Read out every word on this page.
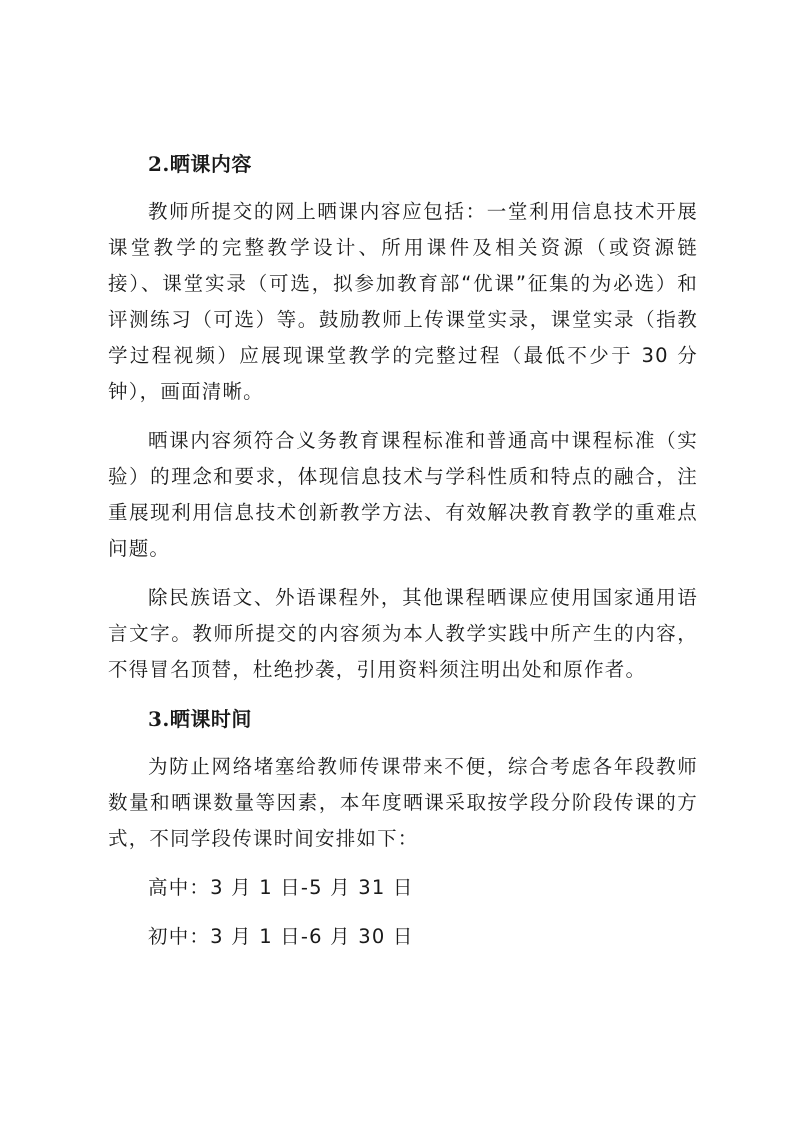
2.晒课内容

教师所提交的网上晒课内容应包括：一堂利用信息技术开展课堂教学的完整教学设计、所用课件及相关资源（或资源链接）、课堂实录（可选，拟参加教育部“优课”征集的为必选）和评测练习（可选）等。鼓励教师上传课堂实录，课堂实录（指教学过程视频）应展现课堂教学的完整过程（最低不少于 30 分钟），画面清晰。

晒课内容须符合义务教育课程标准和普通高中课程标准（实验）的理念和要求，体现信息技术与学科性质和特点的融合，注重展现利用信息技术创新教学方法、有效解决教育教学的重难点问题。

除民族语文、外语课程外，其他课程晒课应使用国家通用语言文字。教师所提交的内容须为本人教学实践中所产生的内容，不得冒名顶替，杜绝抄袭，引用资料须注明出处和原作者。

3.晒课时间

为防止网络堵塞给教师传课带来不便，综合考虑各年段教师数量和晒课数量等因素，本年度晒课采取按学段分阶段传课的方式，不同学段传课时间安排如下：

高中：3 月 1 日-5 月 31 日

初中：3 月 1 日-6 月 30 日
